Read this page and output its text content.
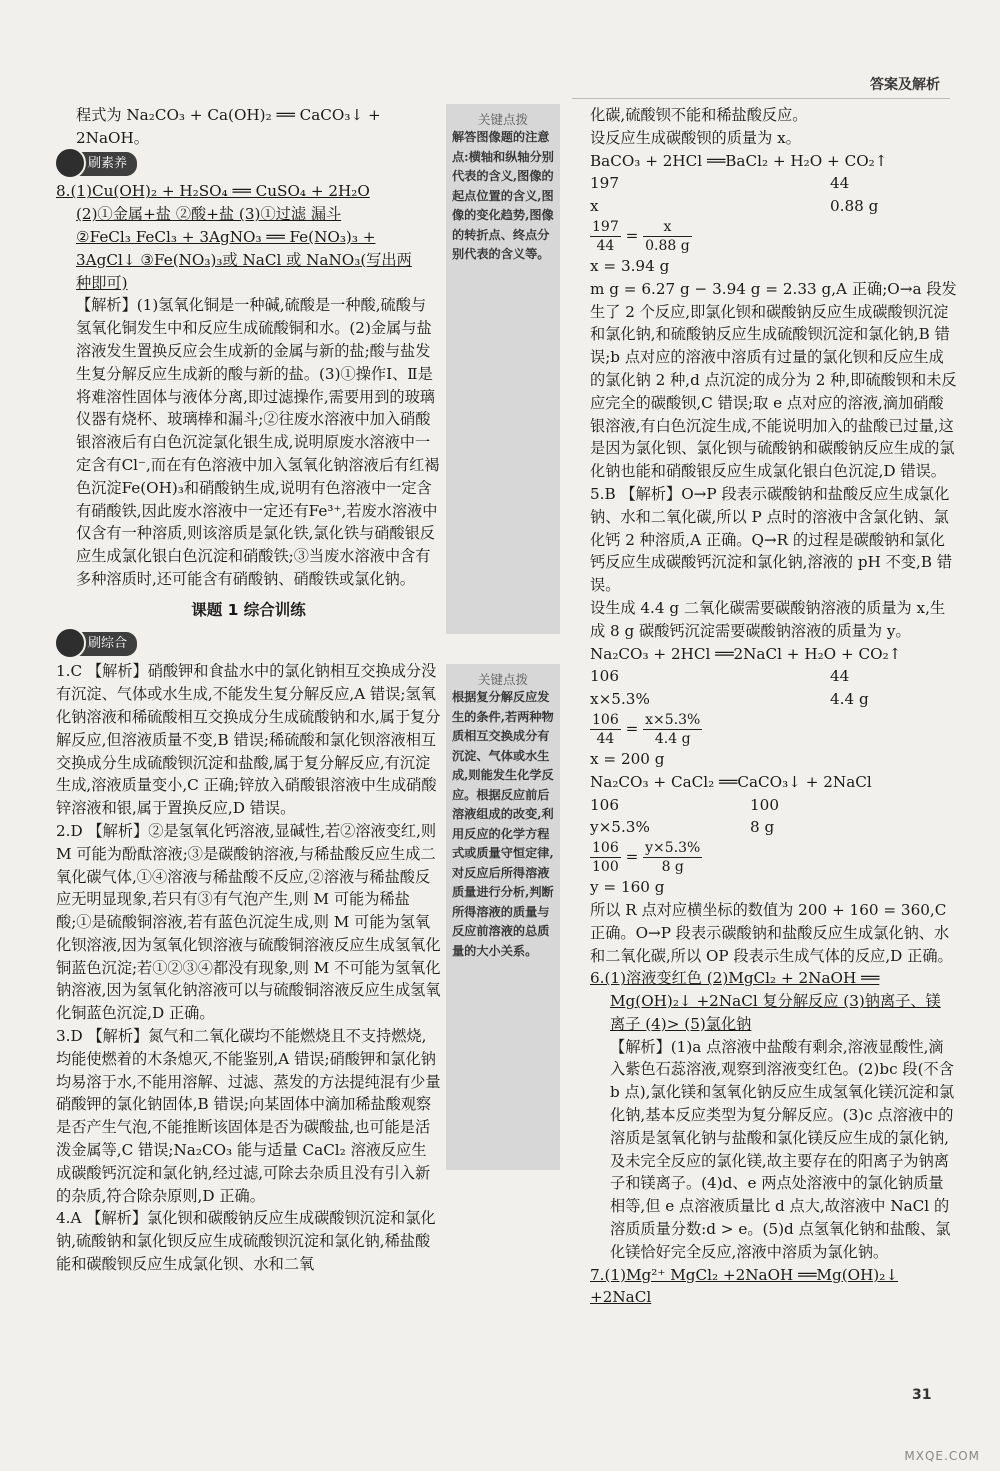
答案及解析

程式为 Na₂CO₃ + Ca(OH)₂ ══ CaCO₃↓ +

2NaOH。

刷素养

8.(1)Cu(OH)₂ + H₂SO₄ ══ CuSO₄ + 2H₂O

(2)①金属+盐 ②酸+盐 (3)①过滤 漏斗

②FeCl₃ FeCl₃ + 3AgNO₃ ══ Fe(NO₃)₃ +

3AgCl↓ ③Fe(NO₃)₃或 NaCl 或 NaNO₃(写出两

种即可)

【解析】(1)氢氧化铜是一种碱,硫酸是一种酸,硫酸与氢氧化铜发生中和反应生成硫酸铜和水。(2)金属与盐溶液发生置换反应会生成新的金属与新的盐;酸与盐发生复分解反应生成新的酸与新的盐。(3)①操作Ⅰ、Ⅱ是将难溶性固体与液体分离,即过滤操作,需要用到的玻璃仪器有烧杯、玻璃棒和漏斗;②往废水溶液中加入硝酸银溶液后有白色沉淀氯化银生成,说明原废水溶液中一定含有Cl⁻,而在有色溶液中加入氢氧化钠溶液后有红褐色沉淀Fe(OH)₃和硝酸钠生成,说明有色溶液中一定含有硝酸铁,因此废水溶液中一定还有Fe³⁺,若废水溶液中仅含有一种溶质,则该溶质是氯化铁,氯化铁与硝酸银反应生成氯化银白色沉淀和硝酸铁;③当废水溶液中含有多种溶质时,还可能含有硝酸钠、硝酸铁或氯化钠。

课题 1 综合训练
刷综合

1.C 【解析】硝酸钾和食盐水中的氯化钠相互交换成分没有沉淀、气体或水生成,不能发生复分解反应,A 错误;氢氧化钠溶液和稀硫酸相互交换成分生成硫酸钠和水,属于复分解反应,但溶液质量不变,B 错误;稀硫酸和氯化钡溶液相互交换成分生成硫酸钡沉淀和盐酸,属于复分解反应,有沉淀生成,溶液质量变小,C 正确;锌放入硝酸银溶液中生成硝酸锌溶液和银,属于置换反应,D 错误。

2.D 【解析】②是氢氧化钙溶液,显碱性,若②溶液变红,则 M 可能为酚酞溶液;③是碳酸钠溶液,与稀盐酸反应生成二氧化碳气体,①④溶液与稀盐酸不反应,②溶液与稀盐酸反应无明显现象,若只有③有气泡产生,则 M 可能为稀盐酸;①是硫酸铜溶液,若有蓝色沉淀生成,则 M 可能为氢氧化钡溶液,因为氢氧化钡溶液与硫酸铜溶液反应生成氢氧化铜蓝色沉淀;若①②③④都没有现象,则 M 不可能为氢氧化钠溶液,因为氢氧化钠溶液可以与硫酸铜溶液反应生成氢氧化铜蓝色沉淀,D 正确。

3.D 【解析】氮气和二氧化碳均不能燃烧且不支持燃烧,均能使燃着的木条熄灭,不能鉴别,A 错误;硝酸钾和氯化钠均易溶于水,不能用溶解、过滤、蒸发的方法提纯混有少量硝酸钾的氯化钠固体,B 错误;向某固体中滴加稀盐酸观察是否产生气泡,不能推断该固体是否为碳酸盐,也可能是活泼金属等,C 错误;Na₂CO₃ 能与适量 CaCl₂ 溶液反应生成碳酸钙沉淀和氯化钠,经过滤,可除去杂质且没有引入新的杂质,符合除杂原则,D 正确。

4.A 【解析】氯化钡和碳酸钠反应生成碳酸钡沉淀和氯化钠,硫酸钠和氯化钡反应生成硫酸钡沉淀和氯化钠,稀盐酸能和碳酸钡反应生成氯化钡、水和二氧

关键点拨
解答图像题的注意点:横轴和纵轴分别代表的含义,图像的起点位置的含义,图像的变化趋势,图像的转折点、终点分别代表的含义等。
关键点拨
根据复分解反应发生的条件,若两种物质相互交换成分有沉淀、气体或水生成,则能发生化学反应。根据反应前后溶液组成的改变,利用反应的化学方程式或质量守恒定律,对反应后所得溶液质量进行分析,判断所得溶液的质量与反应前溶液的总质量的大小关系。

化碳,硫酸钡不能和稀盐酸反应。

设反应生成碳酸钡的质量为 x。

BaCO₃ + 2HCl ══BaCl₂ + H₂O + CO₂↑

197	44

x	0.88 g

$\frac{197}{44} = \frac{x}{0.88 g}$

x = 3.94 g

m g = 6.27 g − 3.94 g = 2.33 g,A 正确;O→a 段发生了 2 个反应,即氯化钡和碳酸钠反应生成碳酸钡沉淀和氯化钠,和硫酸钠反应生成硫酸钡沉淀和氯化钠,B 错误;b 点对应的溶液中溶质有过量的氯化钡和反应生成的氯化钠 2 种,d 点沉淀的成分为 2 种,即硫酸钡和未反应完全的碳酸钡,C 错误;取 e 点对应的溶液,滴加硝酸银溶液,有白色沉淀生成,不能说明加入的盐酸已过量,这是因为氯化钡、氯化钡与硫酸钠和碳酸钠反应生成的氯化钠也能和硝酸银反应生成氯化银白色沉淀,D 错误。

5.B 【解析】O→P 段表示碳酸钠和盐酸反应生成氯化钠、水和二氧化碳,所以 P 点时的溶液中含氯化钠、氯化钙 2 种溶质,A 正确。Q→R 的过程是碳酸钠和氯化钙反应生成碳酸钙沉淀和氯化钠,溶液的 pH 不变,B 错误。

设生成 4.4 g 二氧化碳需要碳酸钠溶液的质量为 x,生成 8 g 碳酸钙沉淀需要碳酸钠溶液的质量为 y。

Na₂CO₃ + 2HCl ══2NaCl + H₂O + CO₂↑

106	44

x×5.3%	4.4 g

$\frac{106}{44} = \frac{x\times 5.3\%}{4.4 g}$

x = 200 g

Na₂CO₃ + CaCl₂ ══CaCO₃↓ + 2NaCl

106	100

y×5.3%	8 g

$\frac{106}{100} = \frac{y\times 5.3\%}{8 g}$

y = 160 g

所以 R 点对应横坐标的数值为 200 + 160 = 360,C 正确。O→P 段表示碳酸钠和盐酸反应生成氯化钠、水和二氧化碳,所以 OP 段表示生成气体的反应,D 正确。

6.(1)溶液变红色 (2)MgCl₂ + 2NaOH ══

Mg(OH)₂↓ +2NaCl 复分解反应 (3)钠离子、镁

离子 (4)> (5)氯化钠

【解析】(1)a 点溶液中盐酸有剩余,溶液显酸性,滴入紫色石蕊溶液,观察到溶液变红色。(2)bc 段(不含 b 点),氯化镁和氢氧化钠反应生成氢氧化镁沉淀和氯化钠,基本反应类型为复分解反应。(3)c 点溶液中的溶质是氢氧化钠与盐酸和氯化镁反应生成的氯化钠,及未完全反应的氯化镁,故主要存在的阳离子为钠离子和镁离子。(4)d、e 两点处溶液中的氯化钠质量相等,但 e 点溶液质量比 d 点大,故溶液中 NaCl 的溶质质量分数:d > e。(5)d 点氢氧化钠和盐酸、氯化镁恰好完全反应,溶液中溶质为氯化钠。

7.(1)Mg²⁺ MgCl₂ +2NaOH ══Mg(OH)₂↓ +2NaCl

31
MXQE.COM
